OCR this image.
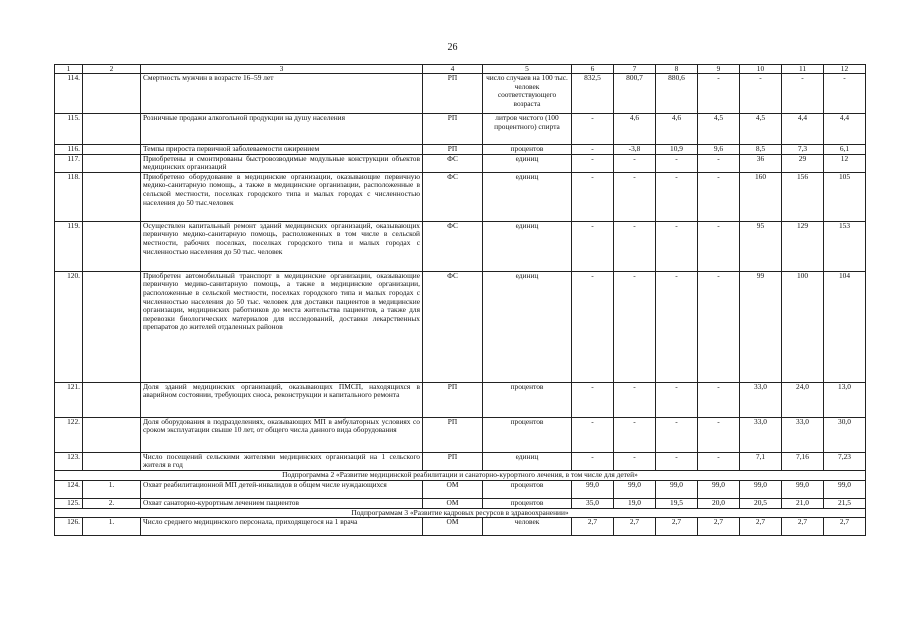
26
1	2	3	4	5	6	7	8	9	10	11	12
114.		Смертность мужчин в возрасте 16–59 лет	РП	число случаев на 100 тыс. человек соответствующего возраста	832,5	800,7	880,6	-	-	-	-
115.		Розничные продажи алкогольной продукции на душу населения	РП	литров чистого (100 процентного) спирта	-	4,6	4,6	4,5	4,5	4,4	4,4
116.		Темпы прироста первичной заболеваемости ожирением	РП	процентов	-	-3,8	10,9	9,6	8,5	7,3	6,1
117.		Приобретены и смонтированы быстровозводимые модульные конструкции объектов медицинских организаций	ФС	единиц	-	-	-	-	36	29	12
118.		Приобретено оборудование в медицинские организации, оказывающие первичную медико-санитарную помощь, а также в медицинские организации, расположенные в сельской местности, поселках городского типа и малых городах с численностью населения до 50 тыс.человек	ФС	единиц	-	-	-	-	160	156	105
119.		Осуществлен капитальный ремонт зданий медицинских организаций, оказывающих первичную медико-санитарную помощь, расположенных в том числе в сельской местности, рабочих поселках, поселках городского типа и малых городах с численностью населения до 50 тыс. человек	ФС	единиц	-	-	-	-	95	129	153
120.		Приобретен автомобильный транспорт в медицинские организации, оказывающие первичную медико-санитарную помощь, а также в медицинские организации, расположенные в сельской местности, поселках городского типа и малых городах с численностью населения до 50 тыс. человек для доставки пациентов в медицинские организации, медицинских работников до места жительства пациентов, а также для перевозки биологических материалов для исследований, доставки лекарственных препаратов до жителей отдаленных районов	ФС	единиц	-	-	-	-	99	100	104
121.		Доля зданий медицинских организаций, оказывающих ПМСП, находящихся в аварийном состоянии, требующих сноса, реконструкции и капитального ремонта	РП	процентов	-	-	-	-	33,0	24,0	13,0
122.		Доля оборудования в подразделениях, оказывающих МП в амбулаторных условиях со сроком эксплуатации свыше 10 лет, от общего числа данного вида оборудования	РП	процентов	-	-	-	-	33,0	33,0	30,0
123.		Число посещений сельскими жителями медицинских организаций на 1 сельского жителя в год	РП	единиц	-	-	-	-	7,1	7,16	7,23
Подпрограмма 2 «Развитие медицинской реабилитации и санаторно-курортного лечения, в том числе для детей»											
124.	1.	Охват реабилитационной МП детей-инвалидов в общем числе нуждающихся	ОМ	процентов	99,0	99,0	99,0	99,0	99,0	99,0	99,0
125.	2.	Охват санаторно-курортным лечением пациентов	ОМ	процентов	35,0	19,0	19,5	20,0	20,5	21,0	21,5
Подпрограммам 3 «Развитие кадровых ресурсов в здравоохранении»											
126.	1.	Число среднего медицинского персонала, приходящегося на 1 врача	ОМ	человек	2,7	2,7	2,7	2,7	2,7	2,7	2,7
